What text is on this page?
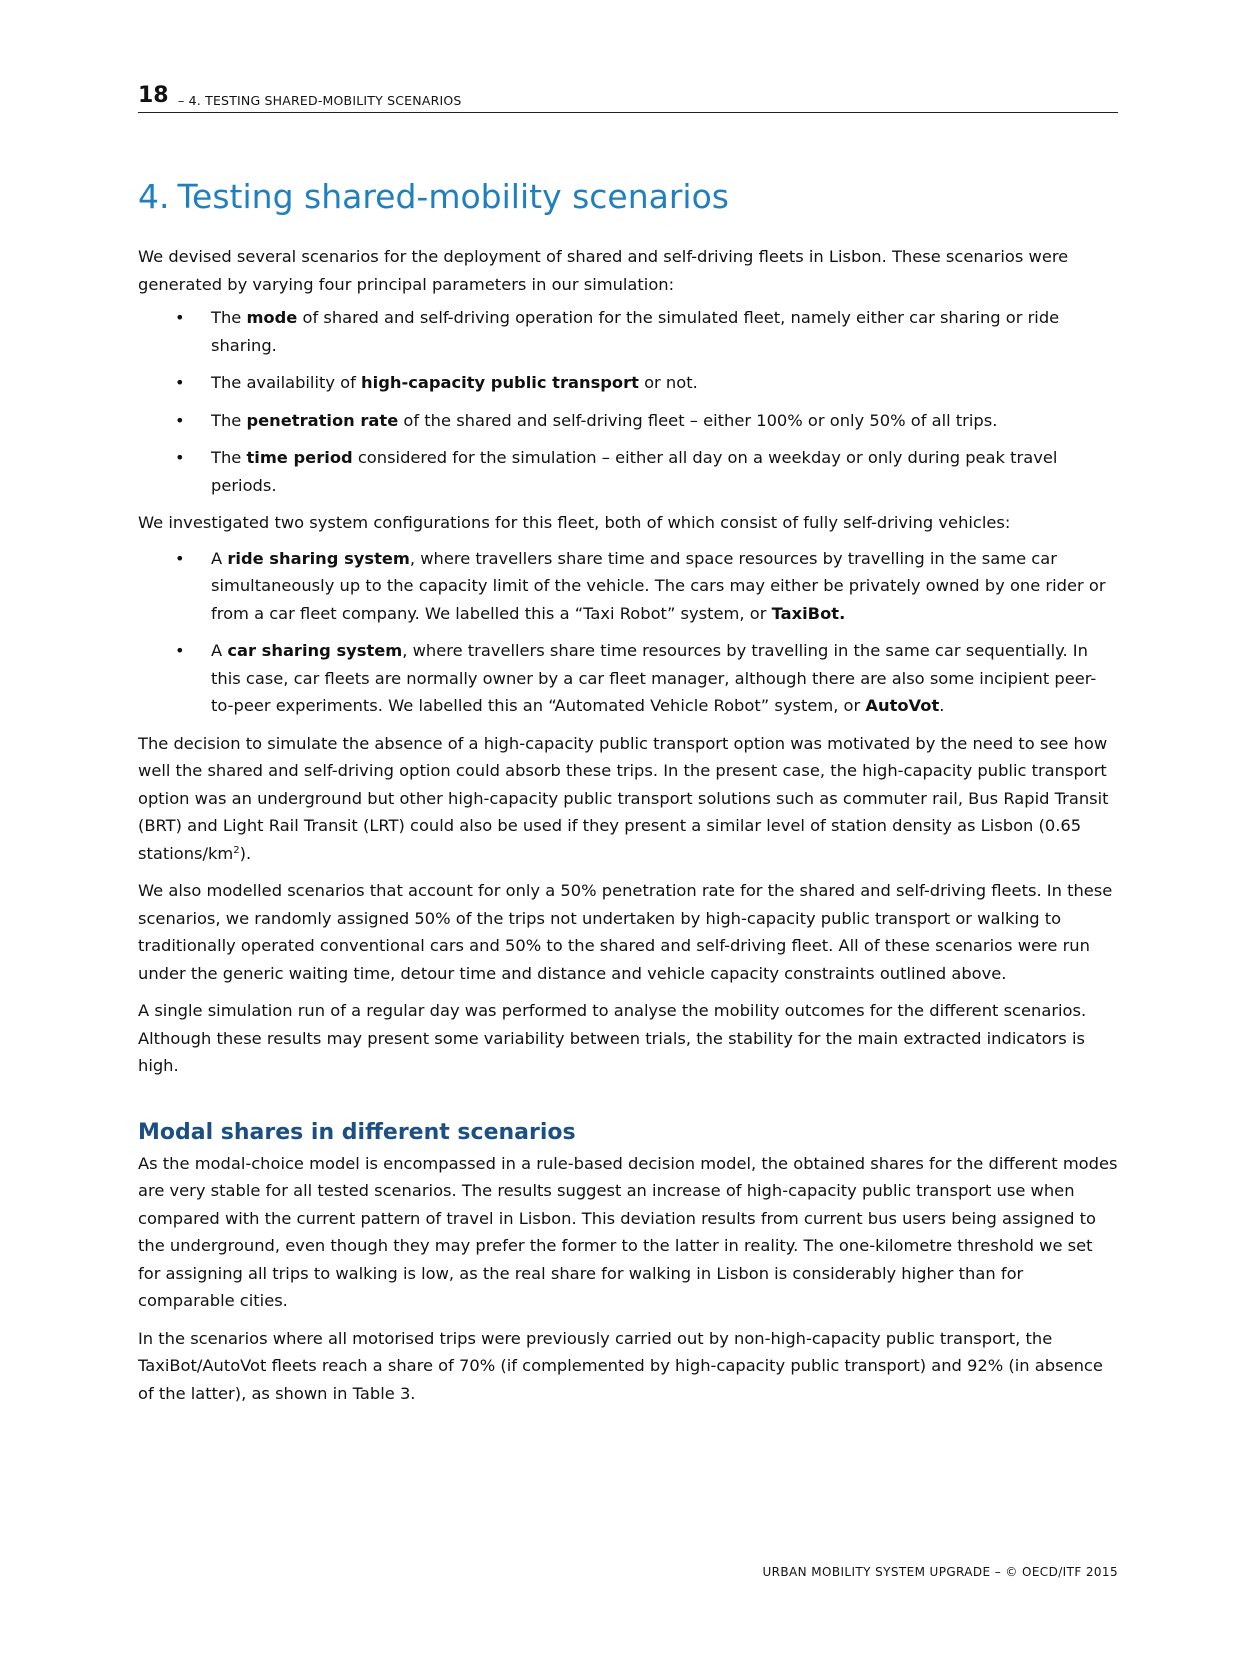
18 – 4. TESTING SHARED-MOBILITY SCENARIOS
4. Testing shared-mobility scenarios

We devised several scenarios for the deployment of shared and self-driving fleets in Lisbon. These scenarios were generated by varying four principal parameters in our simulation:

• The mode of shared and self-driving operation for the simulated fleet, namely either car sharing or ride sharing.
• The availability of high-capacity public transport or not.
• The penetration rate of the shared and self-driving fleet – either 100% or only 50% of all trips.
• The time period considered for the simulation – either all day on a weekday or only during peak travel periods.

We investigated two system configurations for this fleet, both of which consist of fully self-driving vehicles:

• A ride sharing system, where travellers share time and space resources by travelling in the same car simultaneously up to the capacity limit of the vehicle. The cars may either be privately owned by one rider or from a car fleet company. We labelled this a “Taxi Robot” system, or TaxiBot.
• A car sharing system, where travellers share time resources by travelling in the same car sequentially. In this case, car fleets are normally owner by a car fleet manager, although there are also some incipient peer-to-peer experiments. We labelled this an “Automated Vehicle Robot” system, or AutoVot.

The decision to simulate the absence of a high-capacity public transport option was motivated by the need to see how well the shared and self-driving option could absorb these trips. In the present case, the high-capacity public transport option was an underground but other high-capacity public transport solutions such as commuter rail, Bus Rapid Transit (BRT) and Light Rail Transit (LRT) could also be used if they present a similar level of station density as Lisbon (0.65 stations/$km^2$).

We also modelled scenarios that account for only a 50% penetration rate for the shared and self-driving fleets. In these scenarios, we randomly assigned 50% of the trips not undertaken by high-capacity public transport or walking to traditionally operated conventional cars and 50% to the shared and self-driving fleet. All of these scenarios were run under the generic waiting time, detour time and distance and vehicle capacity constraints outlined above.

A single simulation run of a regular day was performed to analyse the mobility outcomes for the different scenarios. Although these results may present some variability between trials, the stability for the main extracted indicators is high.

Modal shares in different scenarios

As the modal-choice model is encompassed in a rule-based decision model, the obtained shares for the different modes are very stable for all tested scenarios. The results suggest an increase of high-capacity public transport use when compared with the current pattern of travel in Lisbon. This deviation results from current bus users being assigned to the underground, even though they may prefer the former to the latter in reality. The one-kilometre threshold we set for assigning all trips to walking is low, as the real share for walking in Lisbon is considerably higher than for comparable cities.

In the scenarios where all motorised trips were previously carried out by non-high-capacity public transport, the TaxiBot/AutoVot fleets reach a share of 70% (if complemented by high-capacity public transport) and 92% (in absence of the latter), as shown in Table 3.

URBAN MOBILITY SYSTEM UPGRADE – © OECD/ITF 2015
